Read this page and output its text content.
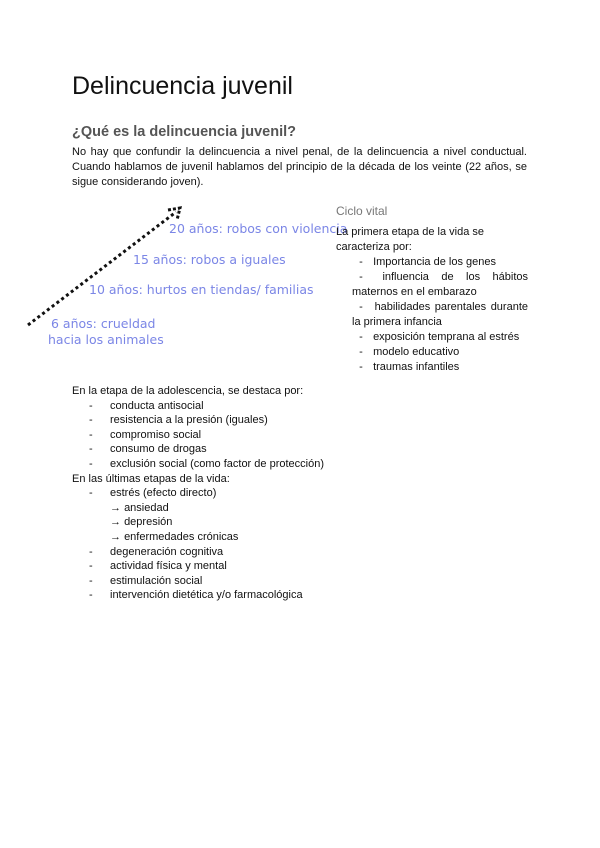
Delincuencia juvenil
¿Qué es la delincuencia juvenil?

No hay que confundir la delincuencia a nivel penal, de la delincuencia a nivel conductual. Cuando hablamos de juvenil hablamos del principio de la década de los veinte (22 años, se sigue considerando joven).

20 años: robos con violencia
15 años: robos a iguales
10 años: hurtos en tiendas/ familias
6 años: crueldad
hacia los animales
Ciclo vital

La primera etapa de la vida se caracteriza por:

- Importancia de los genes
- influencia de los hábitos maternos en el embarazo
- habilidades parentales durante la primera infancia
- exposición temprana al estrés
- modelo educativo
- traumas infantiles

En la etapa de la adolescencia, se destaca por:

-	conducta antisocial
-	resistencia a la presión (iguales)
-	compromiso social
-	consumo de drogas
-	exclusión social (como factor de protección)

En las últimas etapas de la vida:

-	estrés (efecto directo)
→ ansiedad
→ depresión
→ enfermedades crónicas
-	degeneración cognitiva
-	actividad física y mental
-	estimulación social
-	intervención dietética y/o farmacológica
